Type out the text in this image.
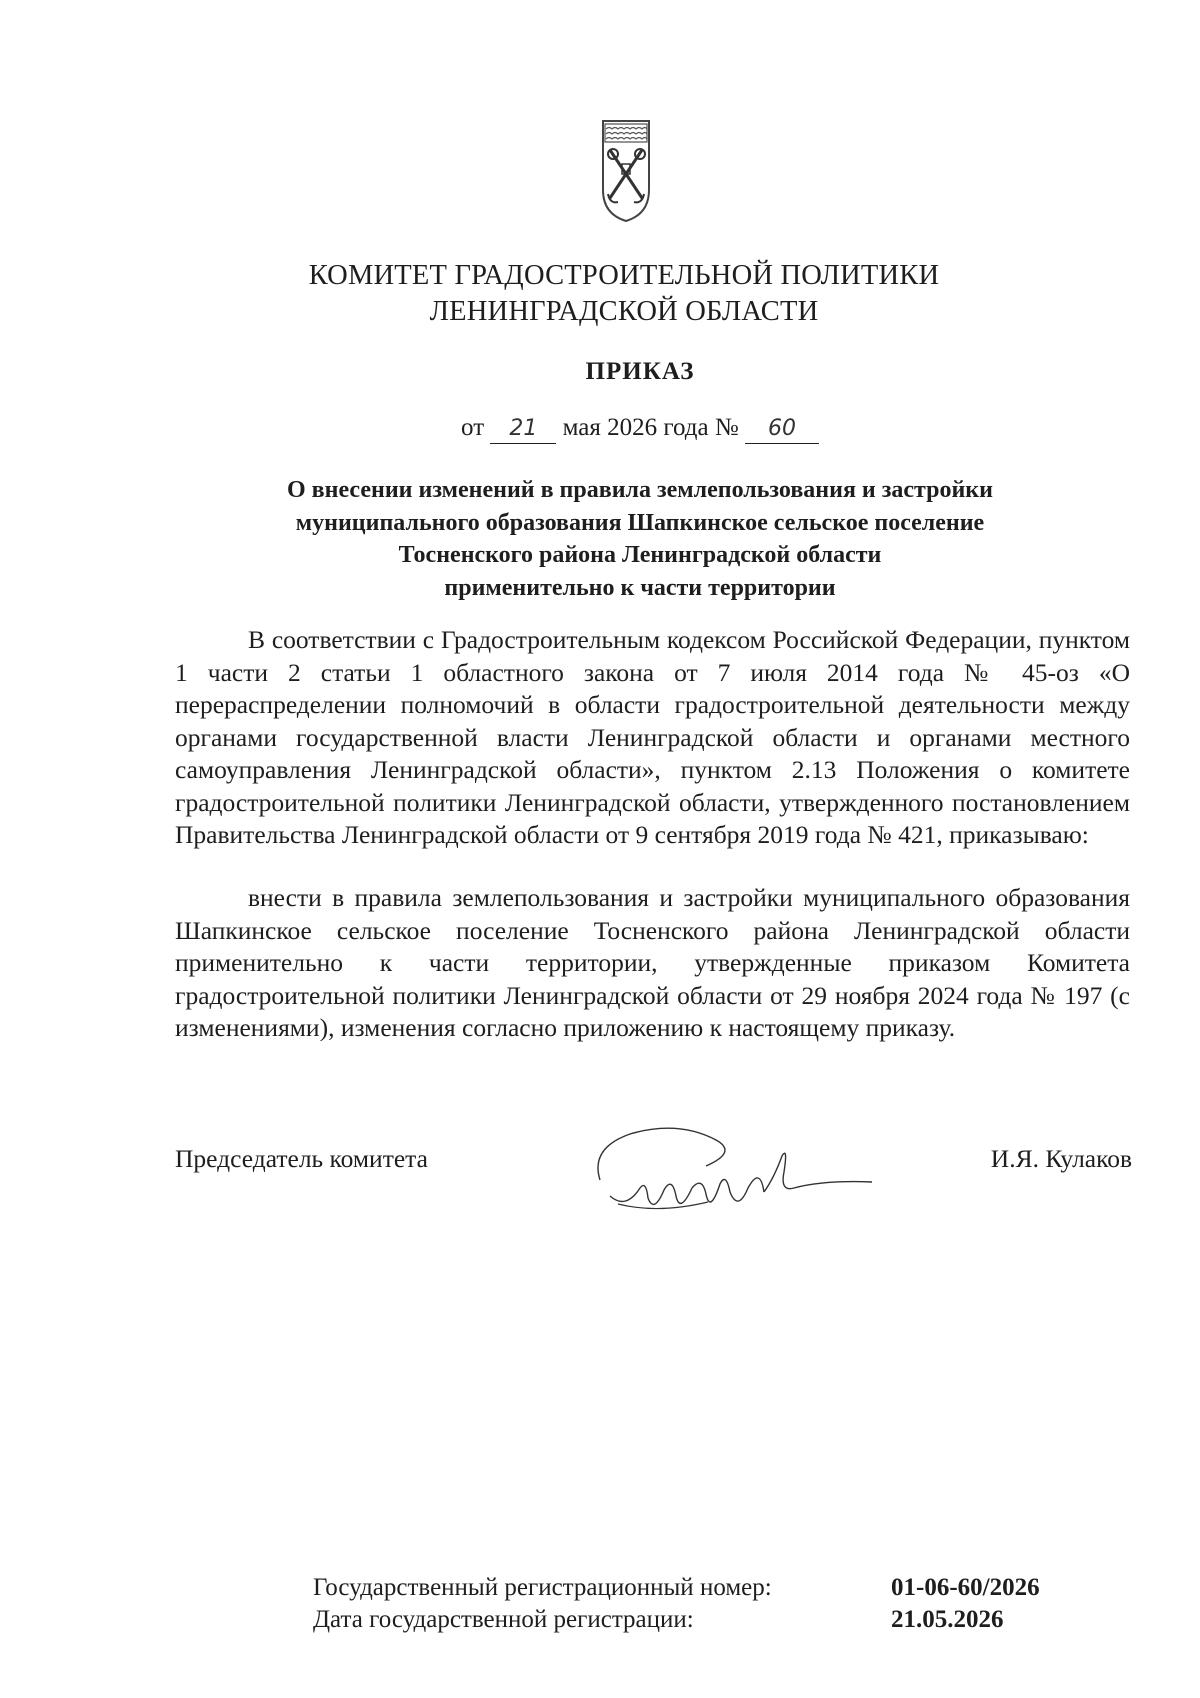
КОМИТЕТ ГРАДОСТРОИТЕЛЬНОЙ ПОЛИТИКИ
ЛЕНИНГРАДСКОЙ ОБЛАСТИ
ПРИКАЗ
от 21 мая 2026 года № 60
О внесении изменений в правила землепользования и застройки
муниципального образования Шапкинское сельское поселение
Тосненского района Ленинградской области
применительно к части территории

В соответствии с Градостроительным кодексом Российской Федерации, пунктом 1 части 2 статьи 1 областного закона от 7 июля 2014 года № 45-оз «О перераспределении полномочий в области градостроительной деятельности между органами государственной власти Ленинградской области и органами местного самоуправления Ленинградской области», пунктом 2.13 Положения о комитете градостроительной политики Ленинградской области, утвержденного постановлением Правительства Ленинградской области от 9 сентября 2019 года № 421, приказываю:

внести в правила землепользования и застройки муниципального образования Шапкинское сельское поселение Тосненского района Ленинградской области применительно к части территории, утвержденные приказом Комитета градостроительной политики Ленинградской области от 29 ноября 2024 года № 197 (с изменениями), изменения согласно приложению к настоящему приказу.

Председатель комитета	И.Я. Кулаков
Государственный регистрационный номер:	01-06-60/2026
Дата государственной регистрации:	21.05.2026
